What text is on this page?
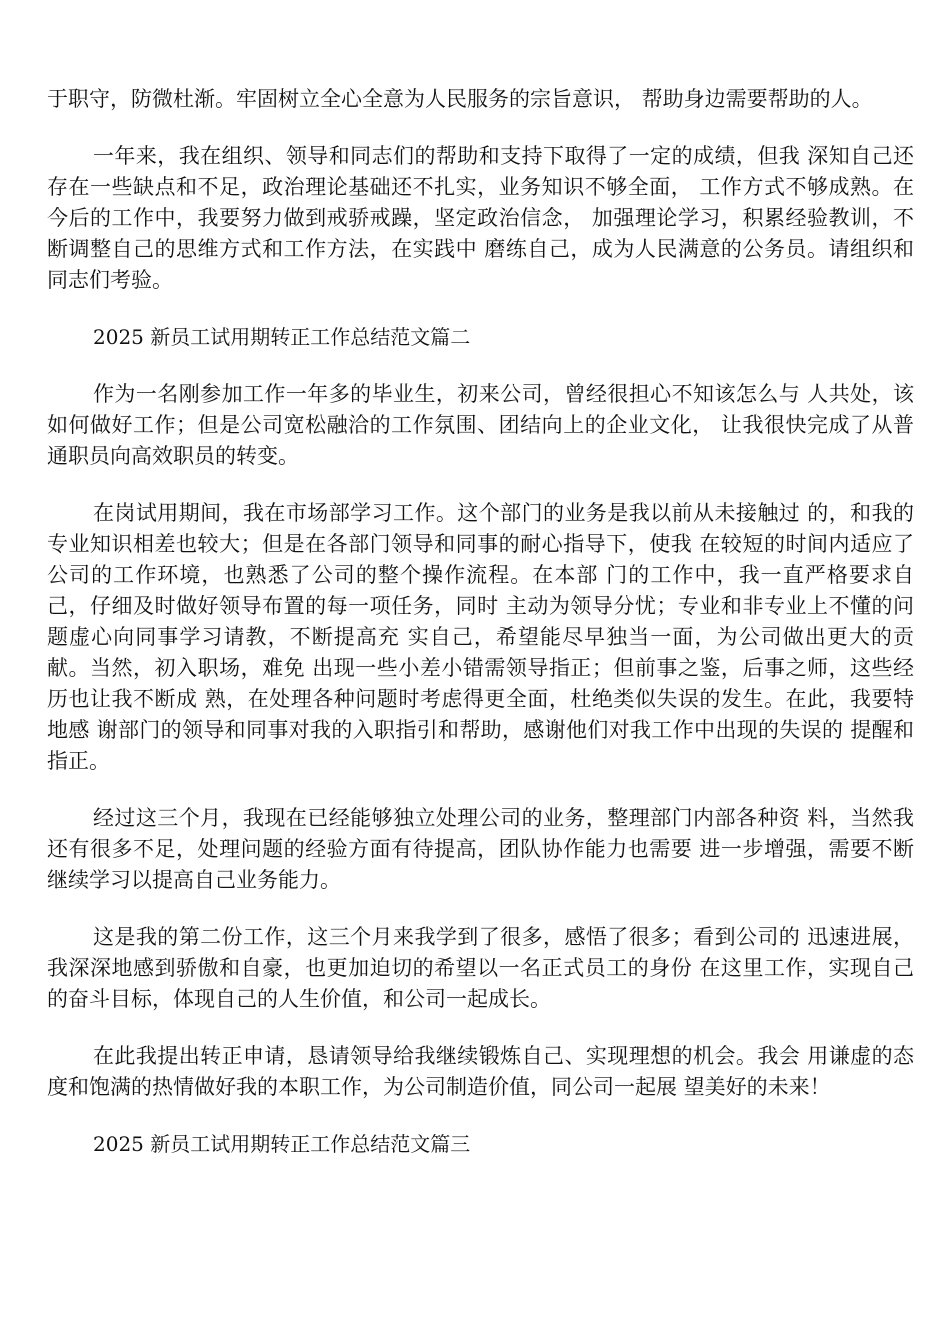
于职守，防微杜渐。牢固树立全心全意为人民服务的宗旨意识， 帮助身边需要帮助的人。

一年来，我在组织、领导和同志们的帮助和支持下取得了一定的成绩，但我 深知自己还存在一些缺点和不足，政治理论基础还不扎实，业务知识不够全面， 工作方式不够成熟。在今后的工作中，我要努力做到戒骄戒躁，坚定政治信念， 加强理论学习，积累经验教训，不断调整自己的思维方式和工作方法，在实践中 磨练自己，成为人民满意的公务员。请组织和同志们考验。

2025 新员工试用期转正工作总结范文篇二

作为一名刚参加工作一年多的毕业生，初来公司，曾经很担心不知该怎么与 人共处，该如何做好工作；但是公司宽松融洽的工作氛围、团结向上的企业文化， 让我很快完成了从普通职员向高效职员的转变。

在岗试用期间，我在市场部学习工作。这个部门的业务是我以前从未接触过 的，和我的专业知识相差也较大；但是在各部门领导和同事的耐心指导下，使我 在较短的时间内适应了公司的工作环境，也熟悉了公司的整个操作流程。在本部 门的工作中，我一直严格要求自己，仔细及时做好领导布置的每一项任务，同时 主动为领导分忧；专业和非专业上不懂的问题虚心向同事学习请教，不断提高充 实自己，希望能尽早独当一面，为公司做出更大的贡献。当然，初入职场，难免 出现一些小差小错需领导指正；但前事之鉴，后事之师，这些经历也让我不断成 熟，在处理各种问题时考虑得更全面，杜绝类似失误的发生。在此，我要特地感 谢部门的领导和同事对我的入职指引和帮助，感谢他们对我工作中出现的失误的 提醒和指正。

经过这三个月，我现在已经能够独立处理公司的业务，整理部门内部各种资 料，当然我还有很多不足，处理问题的经验方面有待提高，团队协作能力也需要 进一步增强，需要不断继续学习以提高自己业务能力。

这是我的第二份工作，这三个月来我学到了很多，感悟了很多；看到公司的 迅速进展，我深深地感到骄傲和自豪，也更加迫切的希望以一名正式员工的身份 在这里工作，实现自己的奋斗目标，体现自己的人生价值，和公司一起成长。

在此我提出转正申请，恳请领导给我继续锻炼自己、实现理想的机会。我会 用谦虚的态度和饱满的热情做好我的本职工作，为公司制造价值，同公司一起展 望美好的未来！

2025 新员工试用期转正工作总结范文篇三
